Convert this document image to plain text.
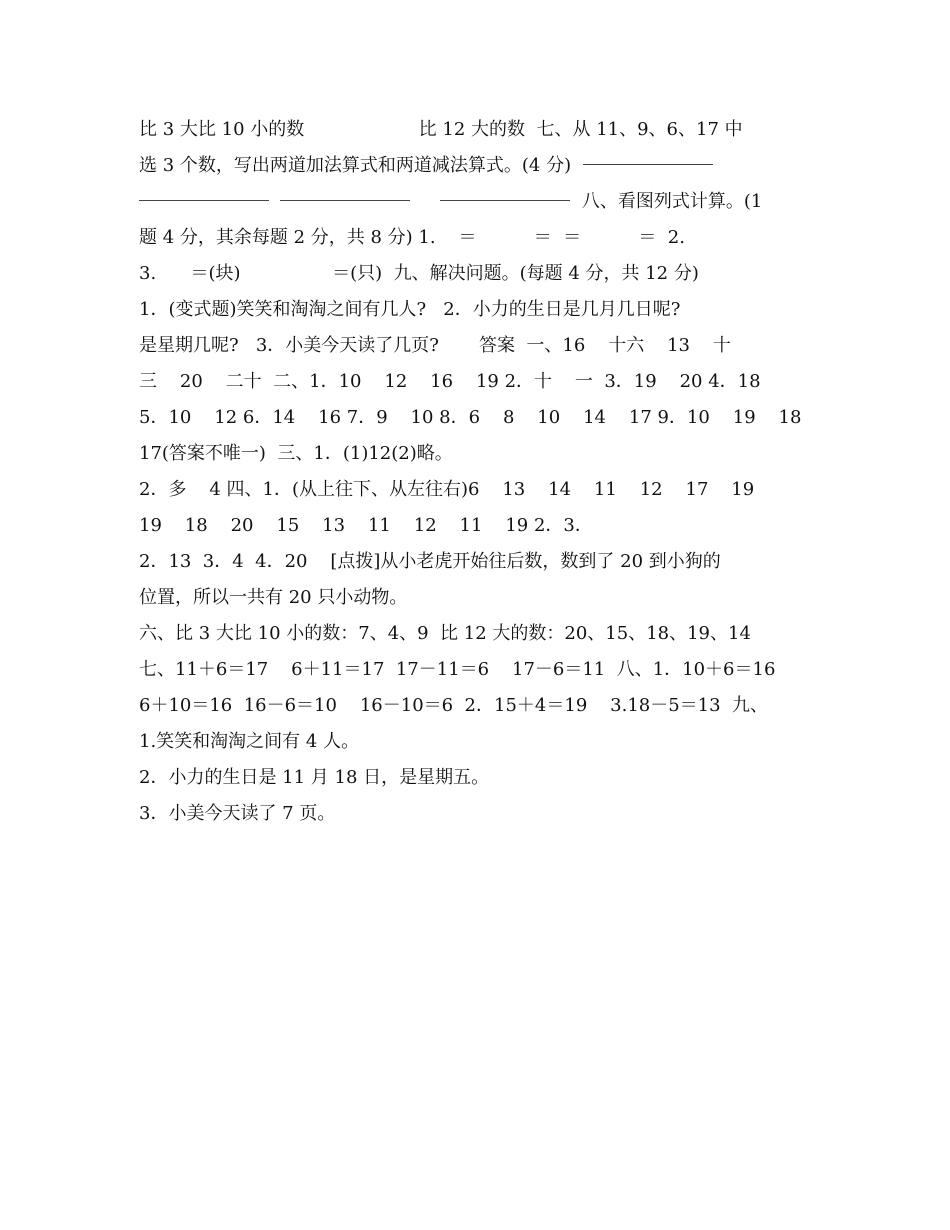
比 3 大比 10 小的数                    比 12 大的数  七、从 11、9、6、17 中
选 3 个数，写出两道加法算式和两道减法算式。(4 分)
八、看图列式计算。(1
题 4 分，其余每题 2 分，共 8 分) 1.    ＝          ＝  ＝          ＝  2.
3.      ＝(块)                ＝(只)  九、解决问题。(每题 4 分，共 12 分)
1．(变式题)笑笑和淘淘之间有几人?   2．小力的生日是几月几日呢?
是星期几呢?   3．小美今天读了几页?       答案  一、16    十六    13    十
三    20    二十  二、1．10    12    16    19 2．十    一  3．19    20 4．18
5．10    12 6．14    16 7．9    10 8．6    8    10    14    17 9．10    19    18
17(答案不唯一)  三、1．(1)12(2)略。
2．多    4 四、1．(从上往下、从左往右)6    13    14    11    12    17    19
19    18    20    15    13    11    12    11    19 2．3．
2．13  3．4  4．20    [点拨]从小老虎开始往后数，数到了 20 到小狗的
位置，所以一共有 20 只小动物。
六、比 3 大比 10 小的数：7、4、9  比 12 大的数：20、15、18、19、14
七、11＋6＝17    6＋11＝17  17－11＝6    17－6＝11  八、1．10＋6＝16
6＋10＝16  16－6＝10    16－10＝6  2．15＋4＝19    3.18－5＝13  九、
1.笑笑和淘淘之间有 4 人。
2．小力的生日是 11 月 18 日，是星期五。
3．小美今天读了 7 页。
